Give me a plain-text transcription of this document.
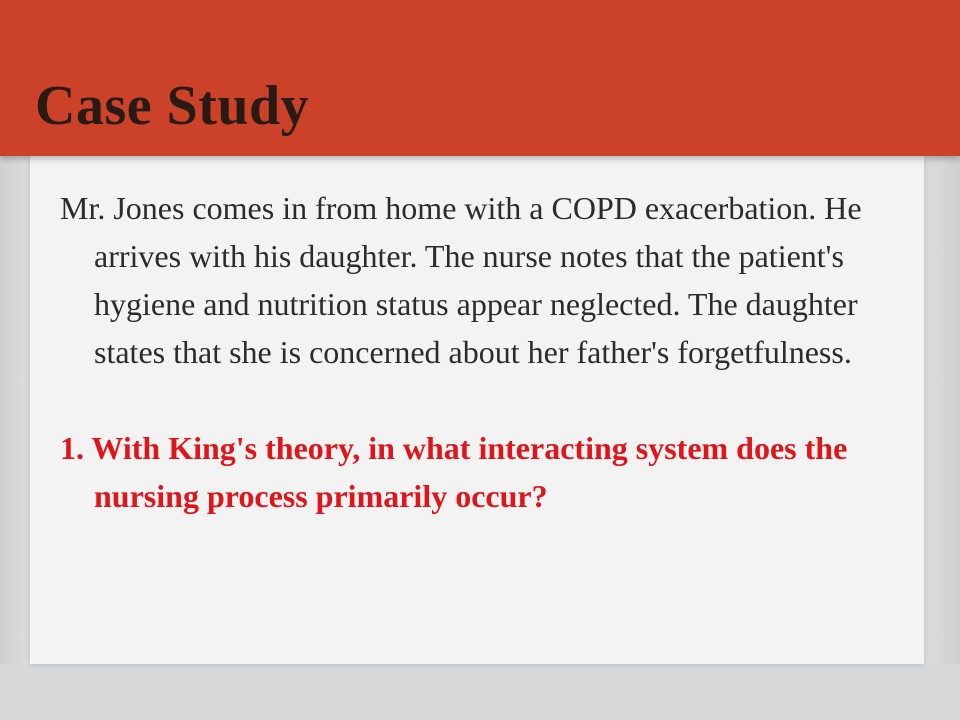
Case Study

Mr. Jones comes in from home with a COPD exacerbation. He arrives with his daughter. The nurse notes that the patient's hygiene and nutrition status appear neglected. The daughter states that she is concerned about her father's forgetfulness.

1. With King's theory, in what interacting system does the nursing process primarily occur?
